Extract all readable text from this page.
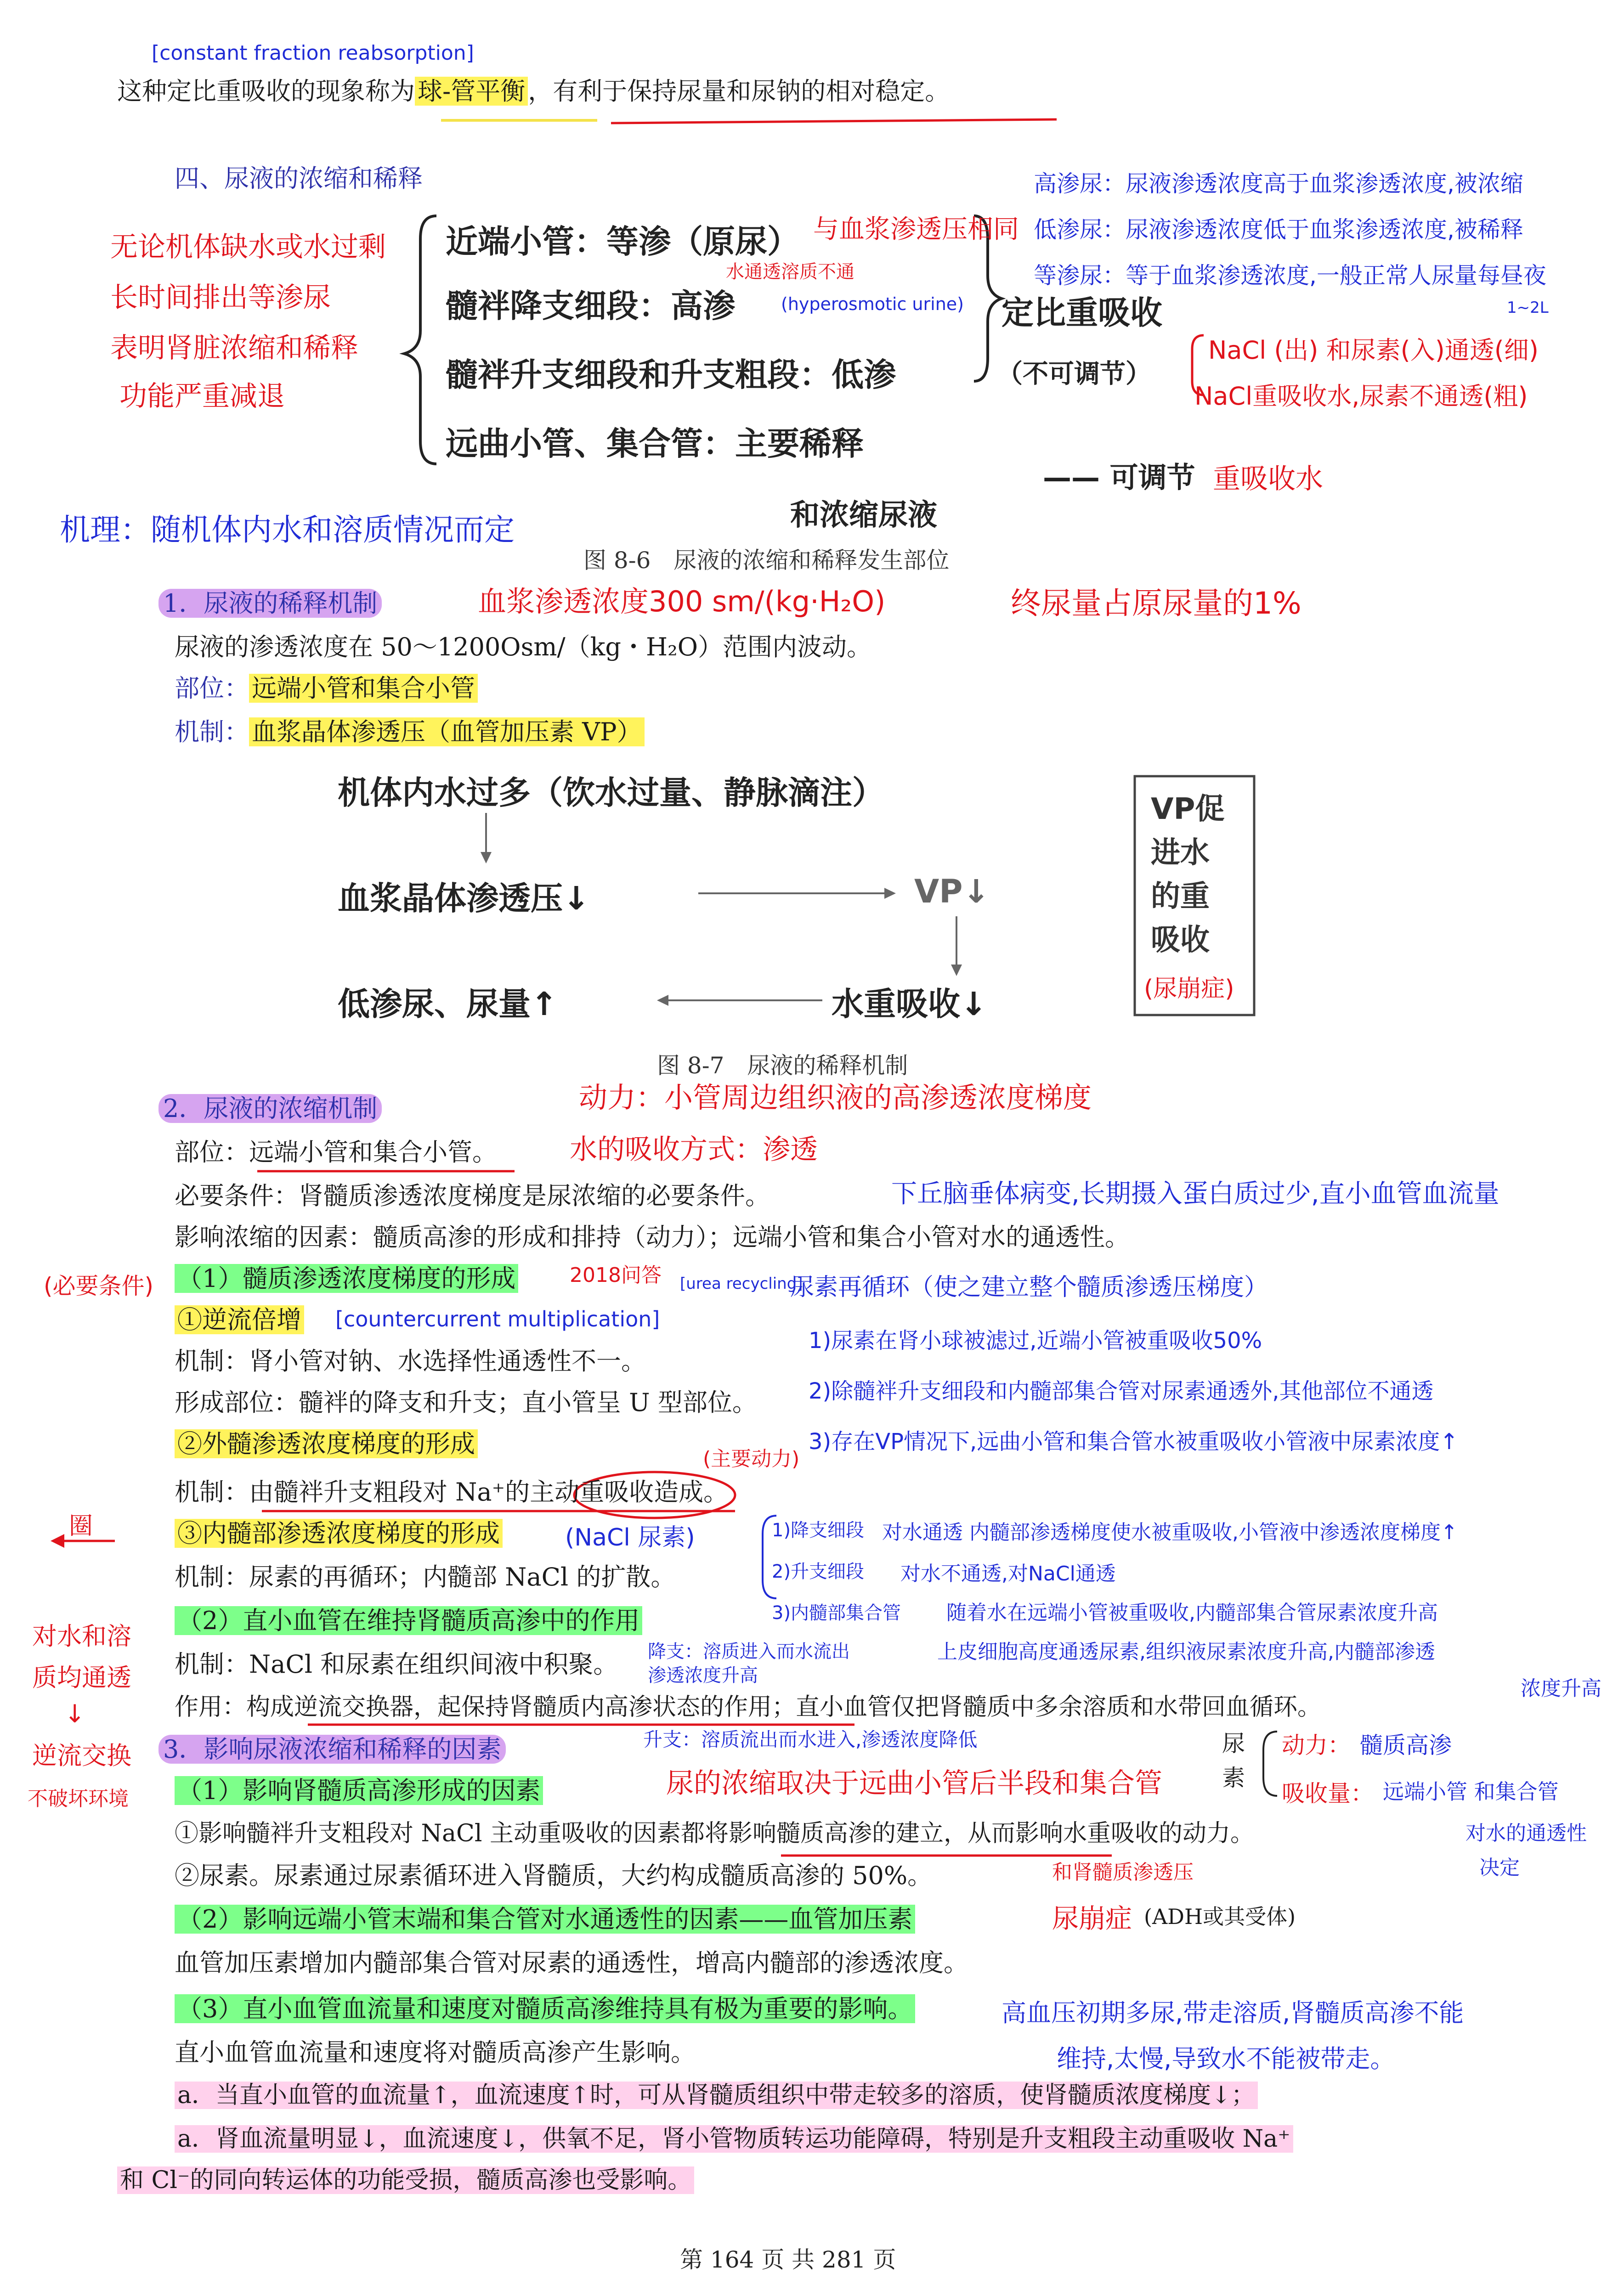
[constant fraction reabsorption]
这种定比重吸收的现象称为 球-管平衡 ，有利于保持尿量和尿钠的相对稳定。
四、尿液的浓缩和稀释
近端小管：等渗（原尿）
髓袢降支细段：高渗
髓袢升支细段和升支粗段：低渗
远曲小管、集合管：主要稀释
定比重吸收
（不可调节）
—— 可调节
和浓缩尿液
图 8-6　尿液的浓缩和稀释发生部位
无论机体缺水或水过剩
长时间排出等渗尿
表明肾脏浓缩和稀释
功能严重减退
与血浆渗透压相同
水通透溶质不通
(hyperosmotic urine)
高渗尿：尿液渗透浓度高于血浆渗透浓度,被浓缩
低渗尿：尿液渗透浓度低于血浆渗透浓度,被稀释
等渗尿：等于血浆渗透浓度,一般正常人尿量每昼夜
1~2L
NaCl (出) 和尿素(入)通透(细)
NaCl重吸收水,尿素不通透(粗)
重吸收水
机理：随机体内水和溶质情况而定
1．尿液的稀释机制	血浆渗透浓度300 sm/(kg·H₂O)	终尿量占原尿量的1%
尿液的渗透浓度在 50～1200Osm/（kg・H₂O）范围内波动。
部位： 远端小管和集合小管
机制： 血浆晶体渗透压（血管加压素 VP）
机体内水过多（饮水过量、静脉滴注）
血浆晶体渗透压↓	VP↓
低渗尿、尿量↑	水重吸收↓
VP促
进水
的重
吸收
(尿崩症)
图 8-7　尿液的稀释机制
2．尿液的浓缩机制	动力：小管周边组织液的高渗透浓度梯度
水的吸收方式：渗透
部位：远端小管和集合小管。
必要条件：肾髓质渗透浓度梯度是尿浓缩的必要条件。	下丘脑垂体病变,长期摄入蛋白质过少,直小血管血流量
影响浓缩的因素：髓质高渗的形成和排持（动力）；远端小管和集合小管对水的通透性。
(必要条件) （1）髓质渗透浓度梯度的形成	2018问答 [urea recycling]
尿素再循环（使之建立整个髓质渗透压梯度）
①逆流倍增 [countercurrent multiplication]
机制：肾小管对钠、水选择性通透性不一。
形成部位：髓袢的降支和升支；直小管呈 U 型部位。
1)尿素在肾小球被滤过,近端小管被重吸收50%
2)除髓袢升支细段和内髓部集合管对尿素通透外,其他部位不通透
3)存在VP情况下,远曲小管和集合管水被重吸收小管液中尿素浓度↑
②外髓渗透浓度梯度的形成
(主要动力)
机制：由髓袢升支粗段对 Na⁺的主动重吸收造成。
圈	③内髓部渗透浓度梯度的形成	(NaCl 尿素)
机制：尿素的再循环；内髓部 NaCl 的扩散。
1)降支细段
2)升支细段
3)内髓部集合管
对水通透 内髓部渗透梯度使水被重吸收,小管液中渗透浓度梯度↑
对水不通透,对NaCl通透
随着水在远端小管被重吸收,内髓部集合管尿素浓度升高
上皮细胞高度通透尿素,组织液尿素浓度升高,内髓部渗透
浓度升高
对水和溶
质均通透
↓
逆流交换
不破坏环境
（2）直小血管在维持肾髓质高渗中的作用
机制：NaCl 和尿素在组织间液中积聚。 降支：溶质进入而水流出
渗透浓度升高
作用：构成逆流交换器，起保持肾髓质内高渗状态的作用；直小血管仅把肾髓质中多余溶质和水带回血循环。
升支：溶质流出而水进入,渗透浓度降低
3．影响尿液浓缩和稀释的因素
（1）影响肾髓质高渗形成的因素	尿的浓缩取决于远曲小管后半段和集合管
和肾髓质渗透压
尿
素
动力： 髓质高渗
吸收量： 远端小管 和集合管
对水的通透性
决定
①影响髓袢升支粗段对 NaCl 主动重吸收的因素都将影响髓质高渗的建立，从而影响水重吸收的动力。
②尿素。尿素通过尿素循环进入肾髓质，大约构成髓质高渗的 50%。
（2）影响远端小管末端和集合管对水通透性的因素——血管加压素	尿崩症 (ADH或其受体)
血管加压素增加内髓部集合管对尿素的通透性，增高内髓部的渗透浓度。
（3）直小血管血流量和速度对髓质高渗维持具有极为重要的影响。	高血压初期多尿,带走溶质,肾髓质高渗不能
维持,太慢,导致水不能被带走。
直小血管血流量和速度将对髓质高渗产生影响。
a．当直小血管的血流量↑，血流速度↑时，可从肾髓质组织中带走较多的溶质，使肾髓质浓度梯度↓；
a．肾血流量明显↓，血流速度↓，供氧不足，肾小管物质转运功能障碍，特别是升支粗段主动重吸收 Na⁺
和 Cl⁻的同向转运体的功能受损，髓质高渗也受影响。
第 164 页 共 281 页
